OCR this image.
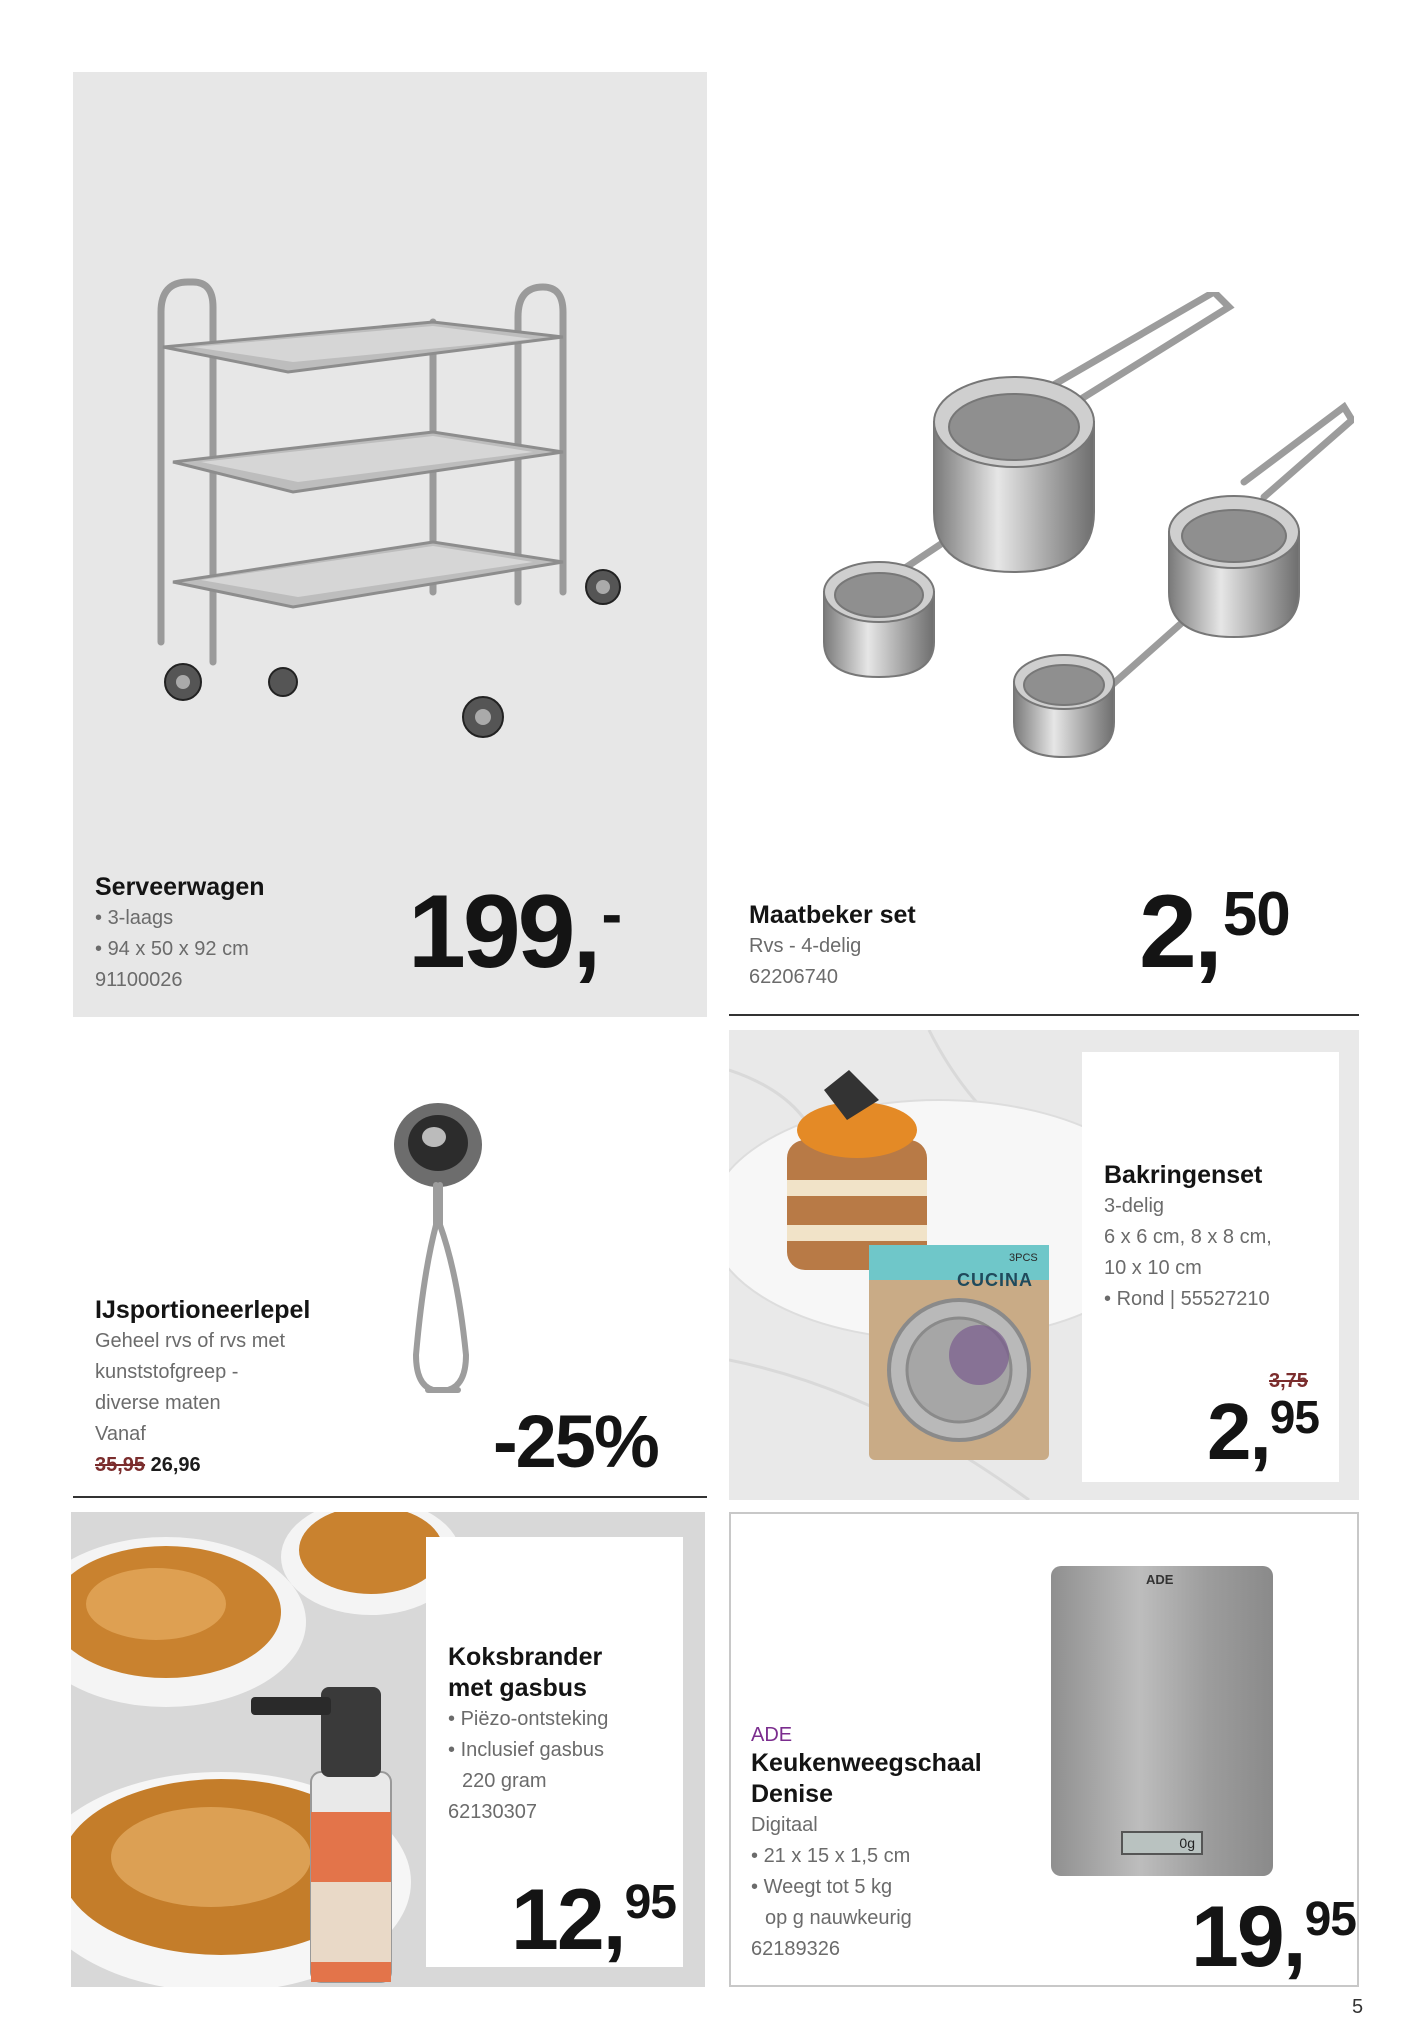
Serveerwagen
• 3-laags
• 94 x 50 x 92 cm
91100026	199,-	Maatbeker set
Rvs - 4-delig
62206740	2,50
IJsportioneerlepel
Geheel rvs of rvs met
kunststofgreep -
diverse maten
Vanaf
35,95 26,96	-25%
3PCS
CUCINA
Bakringenset
3-delig
6 x 6 cm, 8 x 8 cm,
10 x 10 cm
• Rond | 55527210
3,75
2,95
Koksbrander
met gasbus
• Piëzo-ontsteking
• Inclusief gasbus
220 gram
62130307
12,95
ADE
0g
ADE
Keukenweegschaal
Denise
Digitaal
• 21 x 15 x 1,5 cm
• Weegt tot 5 kg
op g nauwkeurig
62189326	19,95
5
